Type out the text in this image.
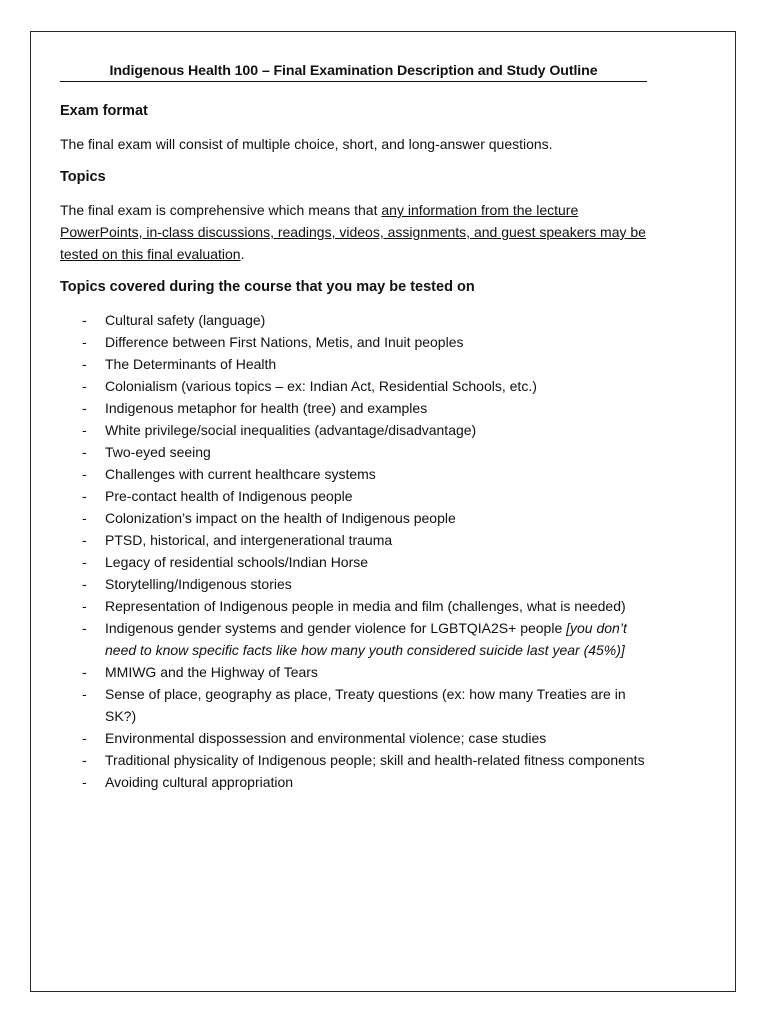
Indigenous Health 100 – Final Examination Description and Study Outline

Exam format

The final exam will consist of multiple choice, short, and long-answer questions.

Topics

The final exam is comprehensive which means that any information from the lecture PowerPoints, in-class discussions, readings, videos, assignments, and guest speakers may be tested on this final evaluation.

Topics covered during the course that you may be tested on

- Cultural safety (language)
- Difference between First Nations, Metis, and Inuit peoples
- The Determinants of Health
- Colonialism (various topics – ex: Indian Act, Residential Schools, etc.)
- Indigenous metaphor for health (tree) and examples
- White privilege/social inequalities (advantage/disadvantage)
- Two-eyed seeing
- Challenges with current healthcare systems
- Pre-contact health of Indigenous people
- Colonization’s impact on the health of Indigenous people
- PTSD, historical, and intergenerational trauma
- Legacy of residential schools/Indian Horse
- Storytelling/Indigenous stories
- Representation of Indigenous people in media and film (challenges, what is needed)
- Indigenous gender systems and gender violence for LGBTQIA2S+ people [you don’t need to know specific facts like how many youth considered suicide last year (45%)]
- MMIWG and the Highway of Tears
- Sense of place, geography as place, Treaty questions (ex: how many Treaties are in SK?)
- Environmental dispossession and environmental violence; case studies
- Traditional physicality of Indigenous people; skill and health-related fitness components
- Avoiding cultural appropriation
